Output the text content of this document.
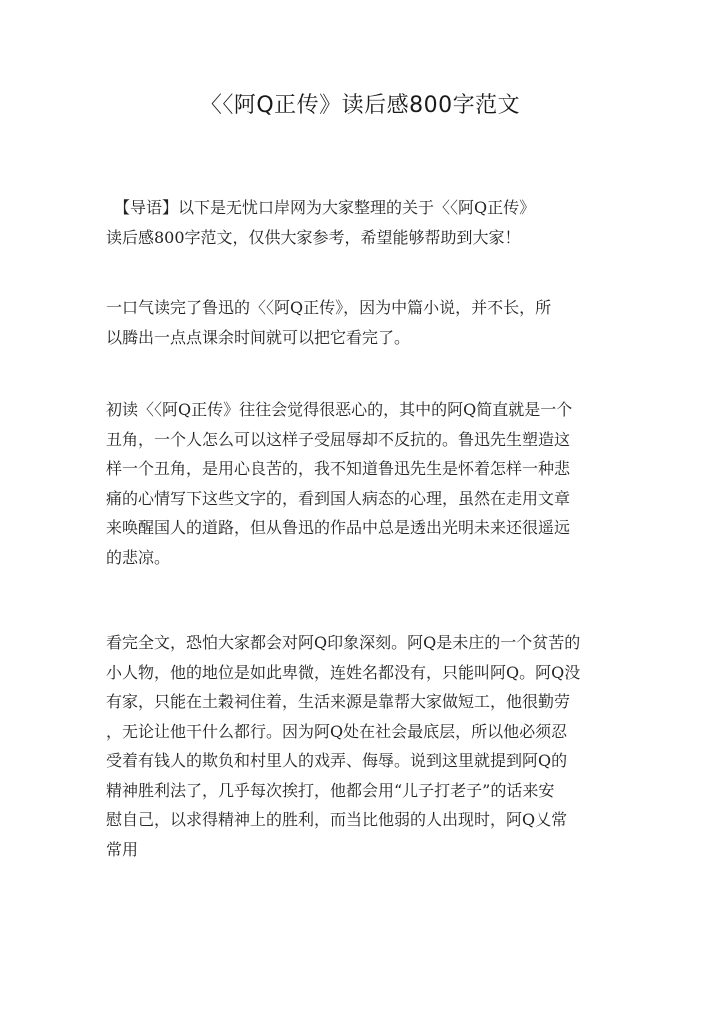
〈〈阿Q正传》读后感800字范文

　【导语】以下是无忧口岸网为大家整理的关于〈〈阿Q正传》
读后感800字范文，仅供大家参考，希望能够帮助到大家！

一口气读完了鲁迅的〈〈阿Q正传》，因为中篇小说，并不长，所
以腾出一点点课余时间就可以把它看完了。

初读〈〈阿Q正传》往往会觉得很恶心的，其中的阿Q简直就是一个
丑角，一个人怎么可以这样子受屈辱却不反抗的。鲁迅先生塑造这
样一个丑角，是用心良苦的，我不知道鲁迅先生是怀着怎样一种悲
痛的心情写下这些文字的，看到国人病态的心理，虽然在走用文章
来唤醒国人的道路，但从鲁迅的作品中总是透出光明未来还很遥远
的悲凉。

看完全文，恐怕大家都会对阿Q印象深刻。阿Q是未庄的一个贫苦的
小人物，他的地位是如此卑微，连姓名都没有，只能叫阿Q。阿Q没
有家，只能在土穀祠住着，生活来源是靠帮大家做短工，他很勤劳
，无论让他干什么都行。因为阿Q处在社会最底层，所以他必须忍
受着有钱人的欺负和村里人的戏弄、侮辱。说到这里就提到阿Q的
精神胜利法了，几乎每次挨打，他都会用“儿子打老子”的话来安
慰自己，以求得精神上的胜利，而当比他弱的人出现时，阿Q乂常
常用
